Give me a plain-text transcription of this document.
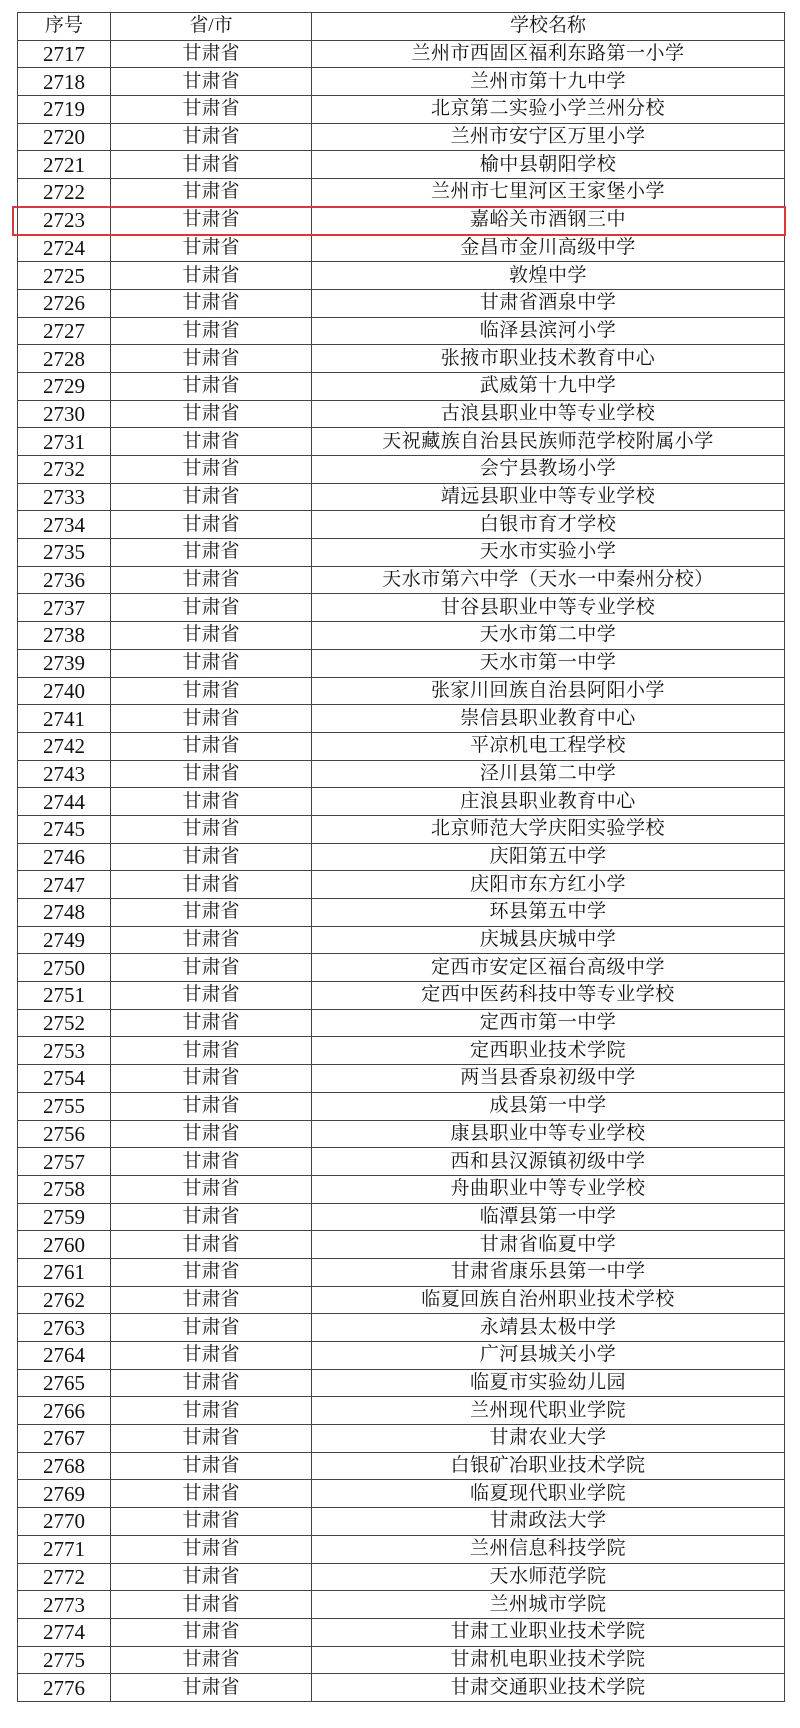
序号	省/市	学校名称
2717	甘肃省	兰州市西固区福利东路第一小学
2718	甘肃省	兰州市第十九中学
2719	甘肃省	北京第二实验小学兰州分校
2720	甘肃省	兰州市安宁区万里小学
2721	甘肃省	榆中县朝阳学校
2722	甘肃省	兰州市七里河区王家堡小学
2723	甘肃省	嘉峪关市酒钢三中
2724	甘肃省	金昌市金川高级中学
2725	甘肃省	敦煌中学
2726	甘肃省	甘肃省酒泉中学
2727	甘肃省	临泽县滨河小学
2728	甘肃省	张掖市职业技术教育中心
2729	甘肃省	武威第十九中学
2730	甘肃省	古浪县职业中等专业学校
2731	甘肃省	天祝藏族自治县民族师范学校附属小学
2732	甘肃省	会宁县教场小学
2733	甘肃省	靖远县职业中等专业学校
2734	甘肃省	白银市育才学校
2735	甘肃省	天水市实验小学
2736	甘肃省	天水市第六中学（天水一中秦州分校）
2737	甘肃省	甘谷县职业中等专业学校
2738	甘肃省	天水市第二中学
2739	甘肃省	天水市第一中学
2740	甘肃省	张家川回族自治县阿阳小学
2741	甘肃省	崇信县职业教育中心
2742	甘肃省	平凉机电工程学校
2743	甘肃省	泾川县第二中学
2744	甘肃省	庄浪县职业教育中心
2745	甘肃省	北京师范大学庆阳实验学校
2746	甘肃省	庆阳第五中学
2747	甘肃省	庆阳市东方红小学
2748	甘肃省	环县第五中学
2749	甘肃省	庆城县庆城中学
2750	甘肃省	定西市安定区福台高级中学
2751	甘肃省	定西中医药科技中等专业学校
2752	甘肃省	定西市第一中学
2753	甘肃省	定西职业技术学院
2754	甘肃省	两当县香泉初级中学
2755	甘肃省	成县第一中学
2756	甘肃省	康县职业中等专业学校
2757	甘肃省	西和县汉源镇初级中学
2758	甘肃省	舟曲职业中等专业学校
2759	甘肃省	临潭县第一中学
2760	甘肃省	甘肃省临夏中学
2761	甘肃省	甘肃省康乐县第一中学
2762	甘肃省	临夏回族自治州职业技术学校
2763	甘肃省	永靖县太极中学
2764	甘肃省	广河县城关小学
2765	甘肃省	临夏市实验幼儿园
2766	甘肃省	兰州现代职业学院
2767	甘肃省	甘肃农业大学
2768	甘肃省	白银矿冶职业技术学院
2769	甘肃省	临夏现代职业学院
2770	甘肃省	甘肃政法大学
2771	甘肃省	兰州信息科技学院
2772	甘肃省	天水师范学院
2773	甘肃省	兰州城市学院
2774	甘肃省	甘肃工业职业技术学院
2775	甘肃省	甘肃机电职业技术学院
2776	甘肃省	甘肃交通职业技术学院
